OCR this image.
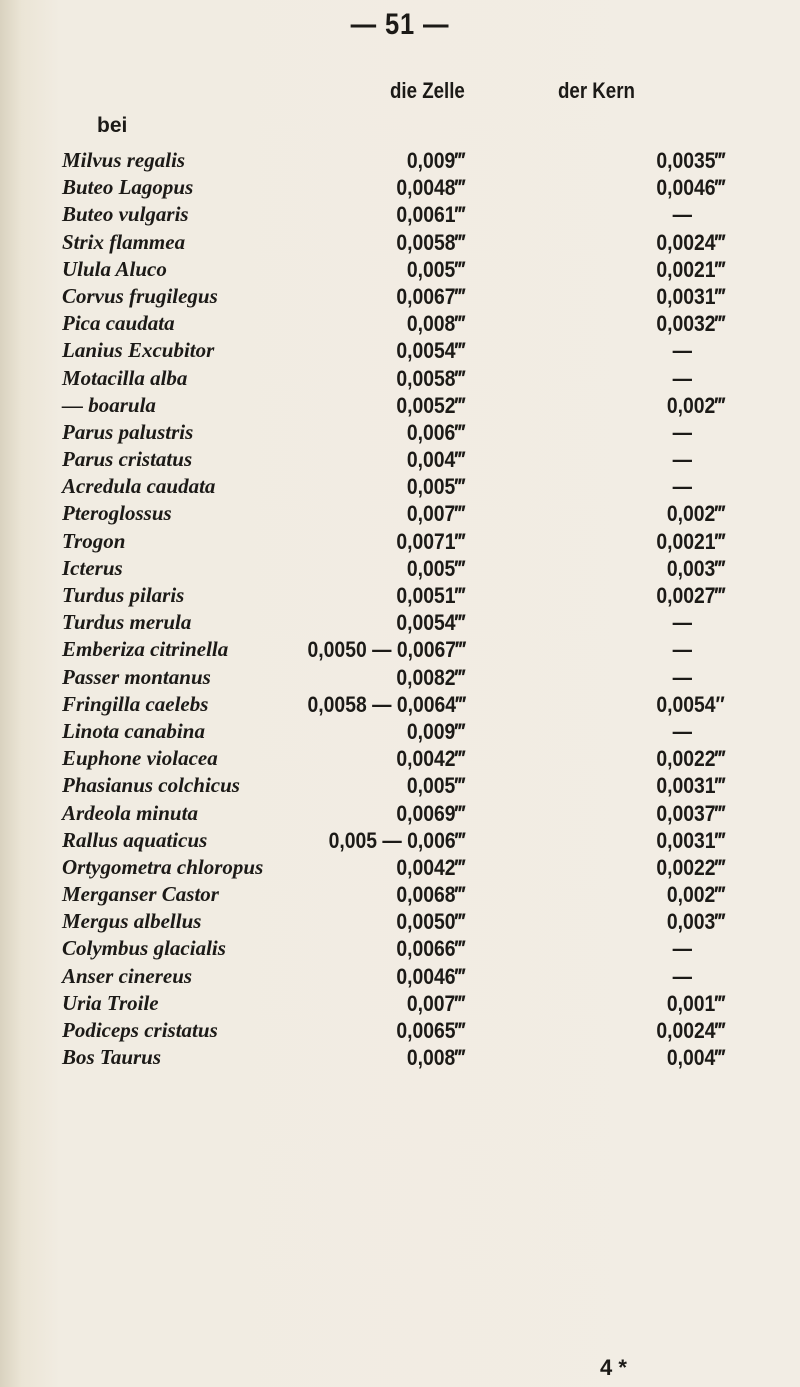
— 51 —
die Zelle	der Kern
bei
Milvus regalis	0,009‴	0,0035‴
Buteo Lagopus	0,0048‴	0,0046‴
Buteo vulgaris	0,0061‴	—
Strix flammea	0,0058‴	0,0024‴
Ulula Aluco	0,005‴	0,0021‴
Corvus frugilegus	0,0067‴	0,0031‴
Pica caudata	0,008‴	0,0032‴
Lanius Excubitor	0,0054‴	—
Motacilla alba	0,0058‴	—
— boarula	0,0052‴	0,002‴
Parus palustris	0,006‴	—
Parus cristatus	0,004‴	—
Acredula caudata	0,005‴	—
Pteroglossus	0,007‴	0,002‴
Trogon	0,0071‴	0,0021‴
Icterus	0,005‴	0,003‴
Turdus pilaris	0,0051‴	0,0027‴
Turdus merula	0,0054‴	—
Emberiza citrinella	0,0050 — 0,0067‴	—
Passer montanus	0,0082‴	—
Fringilla caelebs	0,0058 — 0,0064‴	0,0054″
Linota canabina	0,009‴	—
Euphone violacea	0,0042‴	0,0022‴
Phasianus colchicus	0,005‴	0,0031‴
Ardeola minuta	0,0069‴	0,0037‴
Rallus aquaticus	0,005 — 0,006‴	0,0031‴
Ortygometra chloropus	0,0042‴	0,0022‴
Merganser Castor	0,0068‴	0,002‴
Mergus albellus	0,0050‴	0,003‴
Colymbus glacialis	0,0066‴	—
Anser cinereus	0,0046‴	—
Uria Troile	0,007‴	0,001‴
Podiceps cristatus	0,0065‴	0,0024‴
Bos Taurus	0,008‴	0,004‴
4 *
